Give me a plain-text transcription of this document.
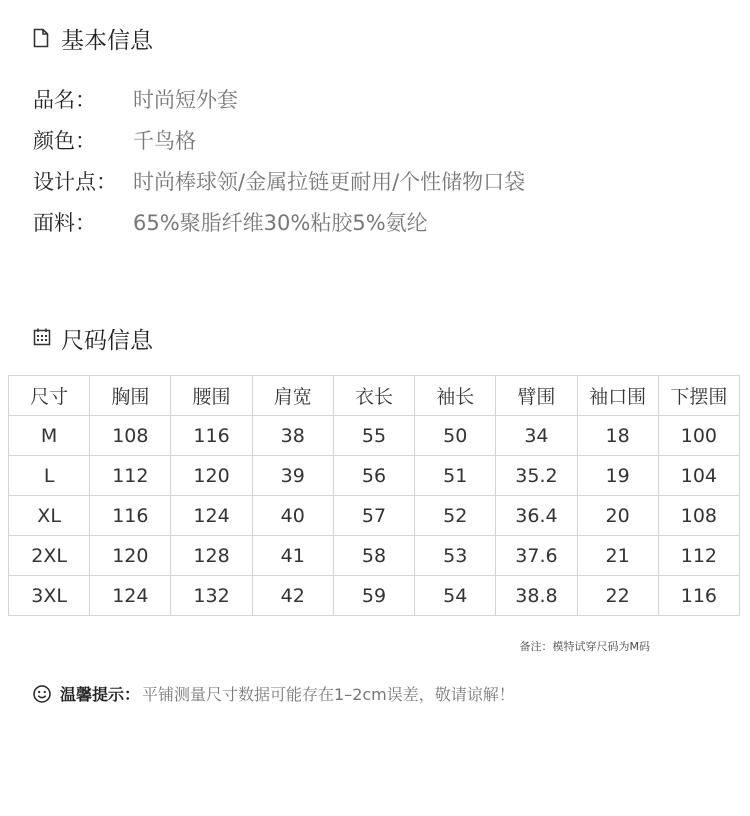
基本信息
品名：	时尚短外套
颜色：	千鸟格
设计点： 时尚棒球领/金属拉链更耐用/个性储物口袋
面料：	65%聚脂纤维30%粘胶5%氨纶
尺码信息
尺寸	胸围	腰围	肩宽	衣长	袖长	臂围	袖口围	下摆围
M	108	116	38	55	50	34	18	100
L	112	120	39	56	51	35.2	19	104
XL	116	124	40	57	52	36.4	20	108
2XL	120	128	41	58	53	37.6	21	112
3XL	124	132	42	59	54	38.8	22	116
备注：模特试穿尺码为M码
温馨提示： 平铺测量尺寸数据可能存在1–2cm误差，敬请谅解！
